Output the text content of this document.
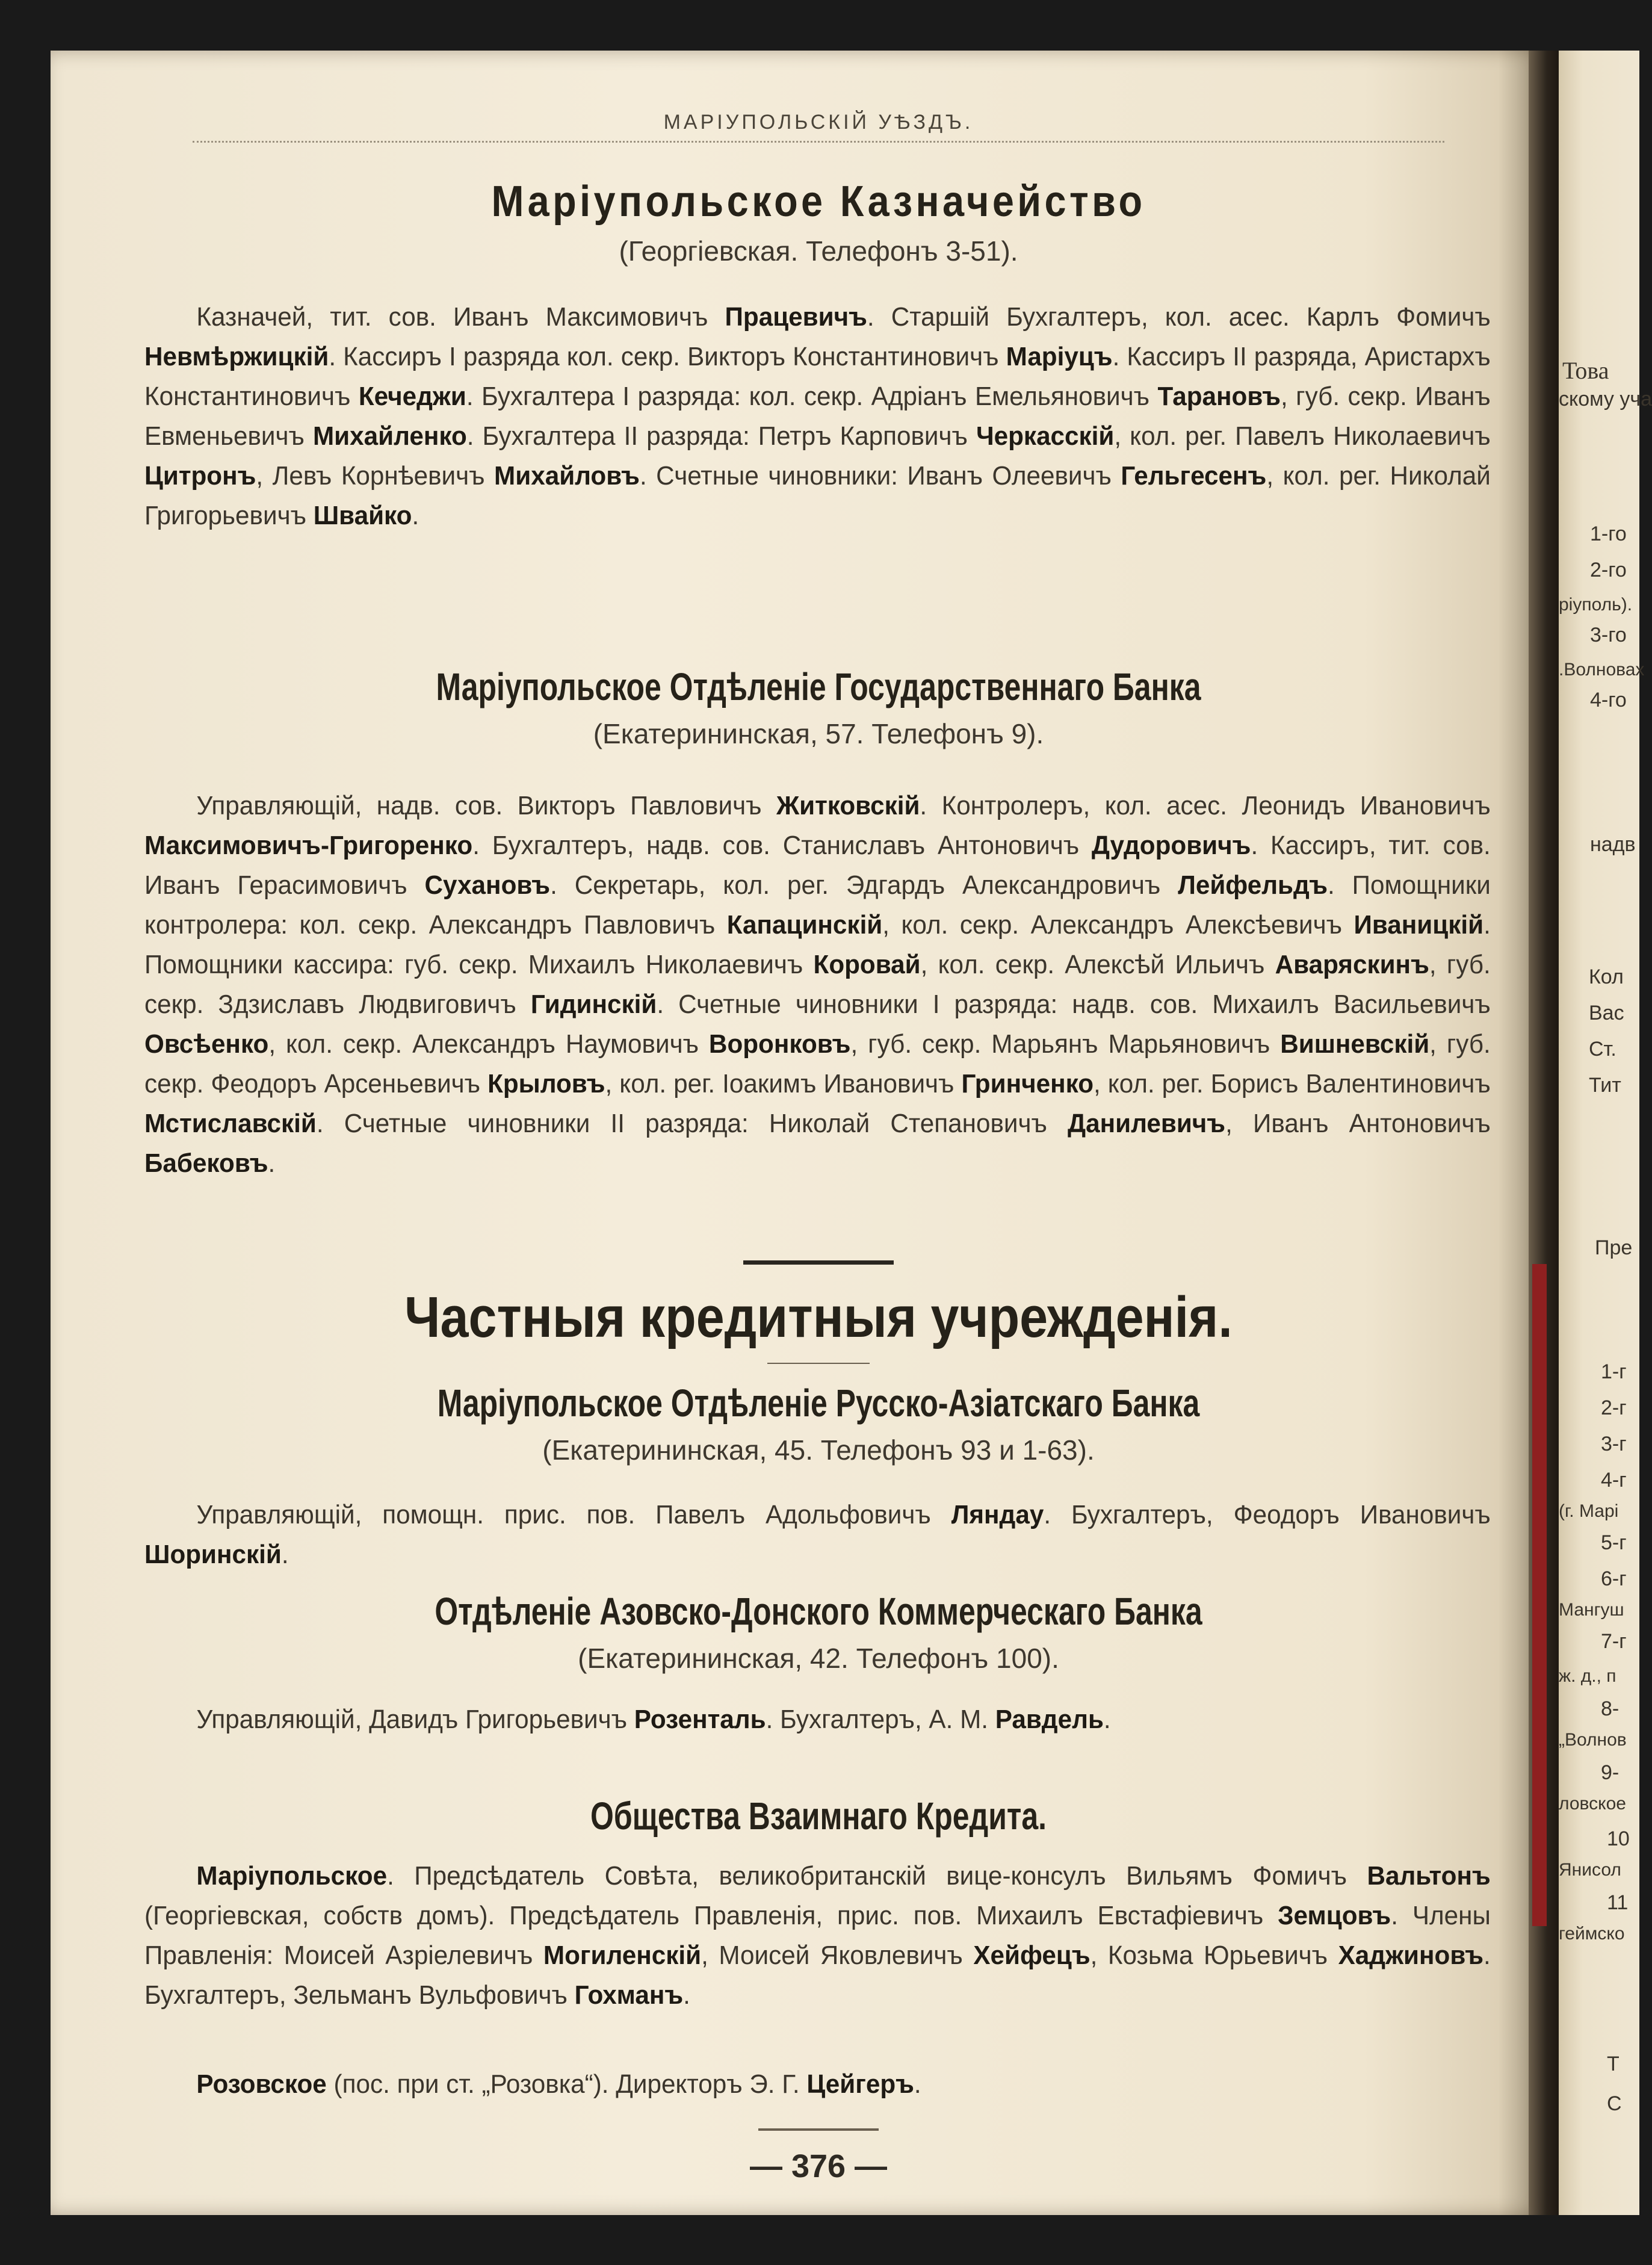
Това
скому уча
1-го
2-го
ріуполь).
3-го
.Волновах
4-го
надв
Кол
Вас
Ст.
Тит
Пре
1-г
2-г
3-г
4-г
(г. Марі
5-г
6-г
Мангуш
7-г
ж. д., п
8-
„Волнов
9-
ловское
10
Янисол
11
геймско
Т
С
МАРІУПОЛЬСКІЙ УѢЗДЪ.
Маріупольское Казначейство
(Георгіевская. Телефонъ 3-51).
Казначей, тит. сов. Иванъ Максимовичъ Працевичъ. Старшій Бухгалтеръ, кол. асес. Карлъ Фомичъ Невмѣржицкій. Кассиръ I разряда кол. секр. Викторъ Константиновичъ Маріуцъ. Кассиръ II разряда, Аристархъ Константиновичъ Кечеджи. Бухгалтера I разряда: кол. секр. Адріанъ Емельяновичъ Тарановъ, губ. секр. Иванъ Евменьевичъ Михайленко. Бухгалтера II разряда: Петръ Карповичъ Черкасскій, кол. рег. Павелъ Николаевичъ Цитронъ, Левъ Корнѣевичъ Михайловъ. Счетные чиновники: Иванъ Олеевичъ Гельгесенъ, кол. рег. Николай Григорьевичъ Швайко.
Маріупольское Отдѣленіе Государственнаго Банка
(Екатерининская, 57. Телефонъ 9).
Управляющій, надв. сов. Викторъ Павловичъ Житковскій. Контролеръ, кол. асес. Леонидъ Ивановичъ Максимовичъ-Григоренко. Бухгалтеръ, надв. сов. Станиславъ Антоновичъ Дудоровичъ. Кассиръ, тит. сов. Иванъ Герасимовичъ Сухановъ. Секретарь, кол. рег. Эдгардъ Александровичъ Лейфельдъ. Помощники контролера: кол. секр. Александръ Павловичъ Капацинскій, кол. секр. Александръ Алексѣевичъ Иваницкій. Помощники кассира: губ. секр. Михаилъ Николаевичъ Коровай, кол. секр. Алексѣй Ильичъ Аваряскинъ, губ. секр. Здзиславъ Людвиговичъ Гидинскій. Счетные чиновники I разряда: надв. сов. Михаилъ Васильевичъ Овсѣенко, кол. секр. Александръ Наумовичъ Воронковъ, губ. секр. Марьянъ Марьяновичъ Вишневскій, губ. секр. Феодоръ Арсеньевичъ Крыловъ, кол. рег. Іоакимъ Ивановичъ Гринченко, кол. рег. Борисъ Валентиновичъ Мстиславскій. Счетные чиновники II разряда: Николай Степановичъ Данилевичъ, Иванъ Антоновичъ Бабековъ.
Частныя кредитныя учрежденія.
Маріупольское Отдѣленіе Русско-Азіатскаго Банка
(Екатерининская, 45. Телефонъ 93 и 1-63).
Управляющій, помощн. прис. пов. Павелъ Адольфовичъ Ляндау. Бухгалтеръ, Феодоръ Ивановичъ Шоринскій.
Отдѣленіе Азовско-Донского Коммерческаго Банка
(Екатерининская, 42. Телефонъ 100).
Управляющій, Давидъ Григорьевичъ Розенталь. Бухгалтеръ, А. М. Равдель.
Общества Взаимнаго Кредита.
Маріупольское. Предсѣдатель Совѣта, великобританскій вице-консулъ Вильямъ Фомичъ Вальтонъ (Георгіевская, собств домъ). Предсѣдатель Правленія, прис. пов. Михаилъ Евстафіевичъ Земцовъ. Члены Правленія: Моисей Азріелевичъ Могиленскій, Моисей Яковлевичъ Хейфецъ, Козьма Юрьевичъ Хаджиновъ. Бухгалтеръ, Зельманъ Вульфовичъ Гохманъ.
Розовское (пос. при ст. „Розовка“). Директоръ Э. Г. Цейгеръ.
— 376 —
